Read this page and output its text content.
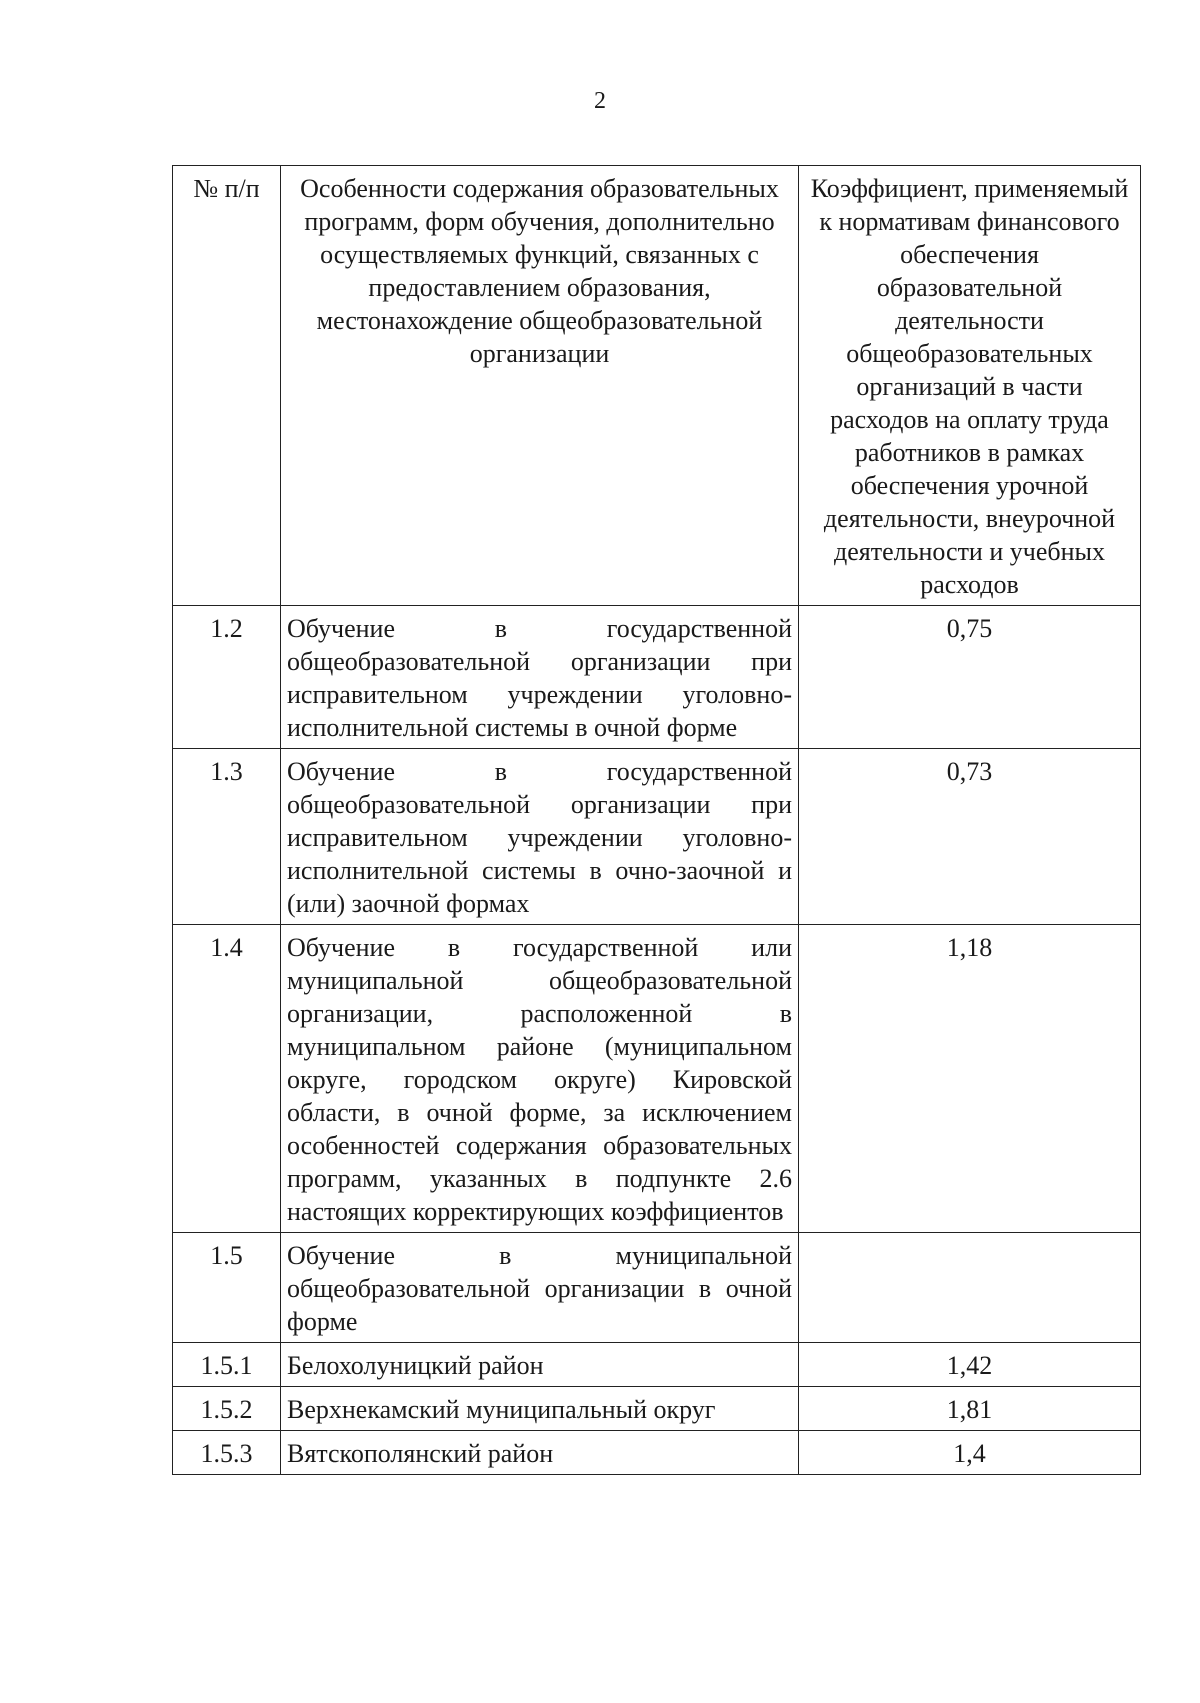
2
№ п/п	Особенности содержания образовательных программ, форм обучения, дополнительно осуществляемых функций, связанных с предоставлением образования, местонахождение общеобразовательной организации	Коэффициент, применяемый к нормативам финансового обеспечения образовательной деятельности общеобразовательных организаций в части расходов на оплату труда работников в рамках обеспечения урочной деятельности, внеурочной деятельности и учебных расходов
1.2	Обучение в государственной общеобразовательной организации при исправительном учреждении уголовно-исполнительной системы в очной форме	0,75
1.3	Обучение в государственной общеобразовательной организации при исправительном учреждении уголовно-исполнительной системы в очно-заочной и (или) заочной формах	0,73
1.4	Обучение в государственной или муниципальной общеобразовательной организации, расположенной в муниципальном районе (муниципальном округе, городском округе) Кировской области, в очной форме, за исключением особенностей содержания образовательных программ, указанных в подпункте 2.6 настоящих корректирующих коэффициентов	1,18
1.5	Обучение в муниципальной общеобразовательной организации в очной форме	
1.5.1	Белохолуницкий район	1,42
1.5.2	Верхнекамский муниципальный округ	1,81
1.5.3	Вятскополянский район	1,4
